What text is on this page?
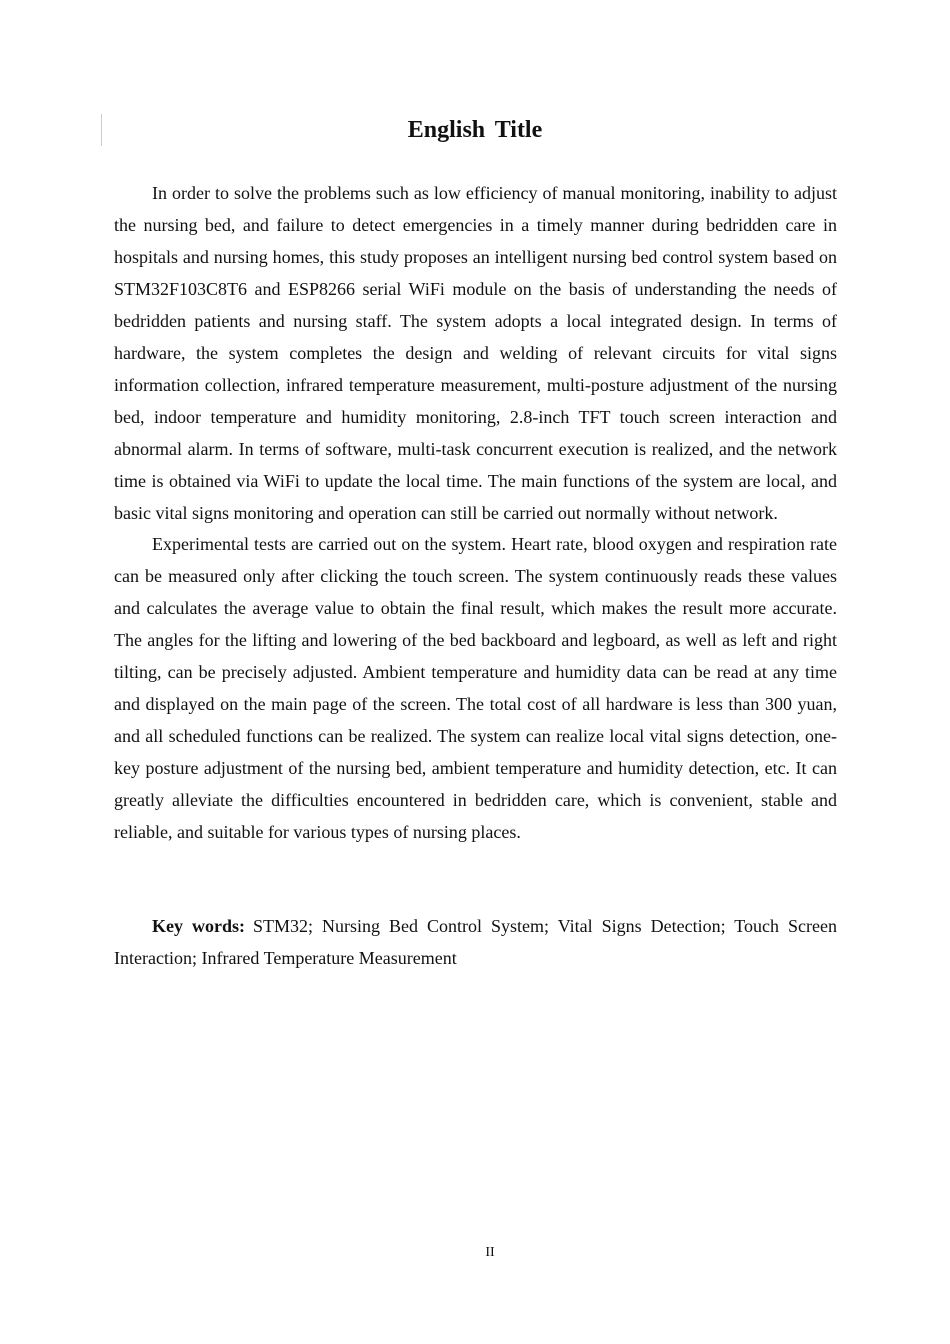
English Title

In order to solve the problems such as low efficiency of manual monitoring, inability to adjust the nursing bed, and failure to detect emergencies in a timely manner during bedridden care in hospitals and nursing homes, this study proposes an intelligent nursing bed control system based on STM32F103C8T6 and ESP8266 serial WiFi module on the basis of understanding the needs of bedridden patients and nursing staff. The system adopts a local integrated design. In terms of hardware, the system completes the design and welding of relevant circuits for vital signs information collection, infrared temperature measurement, multi-posture adjustment of the nursing bed, indoor temperature and humidity monitoring, 2.8-inch TFT touch screen interaction and abnormal alarm. In terms of software, multi-task concurrent execution is realized, and the network time is obtained via WiFi to update the local time. The main functions of the system are local, and basic vital signs monitoring and operation can still be carried out normally without network.

Experimental tests are carried out on the system. Heart rate, blood oxygen and respiration rate can be measured only after clicking the touch screen. The system continuously reads these values and calculates the average value to obtain the final result, which makes the result more accurate. The angles for the lifting and lowering of the bed backboard and legboard, as well as left and right tilting, can be precisely adjusted. Ambient temperature and humidity data can be read at any time and displayed on the main page of the screen. The total cost of all hardware is less than 300 yuan, and all scheduled functions can be realized. The system can realize local vital signs detection, one-key posture adjustment of the nursing bed, ambient temperature and humidity detection, etc. It can greatly alleviate the difficulties encountered in bedridden care, which is convenient, stable and reliable, and suitable for various types of nursing places.

Key words: STM32; Nursing Bed Control System; Vital Signs Detection; Touch Screen Interaction; Infrared Temperature Measurement

II
